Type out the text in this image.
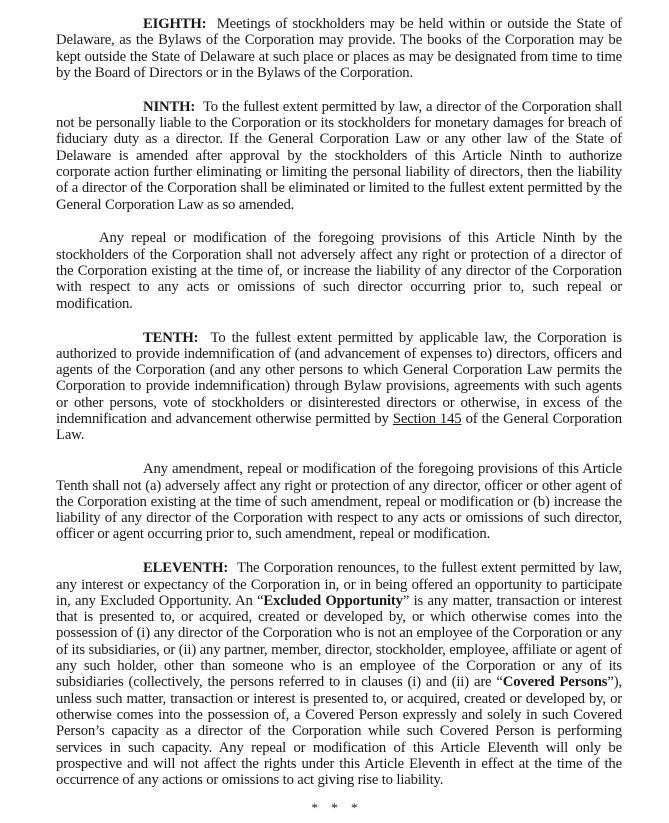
EIGHTH: Meetings of stockholders may be held within or outside the State of Delaware, as the Bylaws of the Corporation may provide. The books of the Corporation may be kept outside the State of Delaware at such place or places as may be designated from time to time by the Board of Directors or in the Bylaws of the Corporation.

NINTH: To the fullest extent permitted by law, a director of the Corporation shall not be personally liable to the Corporation or its stockholders for monetary damages for breach of fiduciary duty as a director. If the General Corporation Law or any other law of the State of Delaware is amended after approval by the stockholders of this Article Ninth to authorize corporate action further eliminating or limiting the personal liability of directors, then the liability of a director of the Corporation shall be eliminated or limited to the fullest extent permitted by the General Corporation Law as so amended.

Any repeal or modification of the foregoing provisions of this Article Ninth by the stockholders of the Corporation shall not adversely affect any right or protection of a director of the Corporation existing at the time of, or increase the liability of any director of the Corporation with respect to any acts or omissions of such director occurring prior to, such repeal or modification.

TENTH: To the fullest extent permitted by applicable law, the Corporation is authorized to provide indemnification of (and advancement of expenses to) directors, officers and agents of the Corporation (and any other persons to which General Corporation Law permits the Corporation to provide indemnification) through Bylaw provisions, agreements with such agents or other persons, vote of stockholders or disinterested directors or otherwise, in excess of the indemnification and advancement otherwise permitted by Section 145 of the General Corporation Law.

Any amendment, repeal or modification of the foregoing provisions of this Article Tenth shall not (a) adversely affect any right or protection of any director, officer or other agent of the Corporation existing at the time of such amendment, repeal or modification or (b) increase the liability of any director of the Corporation with respect to any acts or omissions of such director, officer or agent occurring prior to, such amendment, repeal or modification.

ELEVENTH: The Corporation renounces, to the fullest extent permitted by law, any interest or expectancy of the Corporation in, or in being offered an opportunity to participate in, any Excluded Opportunity. An “Excluded Opportunity” is any matter, transaction or interest that is presented to, or acquired, created or developed by, or which otherwise comes into the possession of (i) any director of the Corporation who is not an employee of the Corporation or any of its subsidiaries, or (ii) any partner, member, director, stockholder, employee, affiliate or agent of any such holder, other than someone who is an employee of the Corporation or any of its subsidiaries (collectively, the persons referred to in clauses (i) and (ii) are “Covered Persons”), unless such matter, transaction or interest is presented to, or acquired, created or developed by, or otherwise comes into the possession of, a Covered Person expressly and solely in such Covered Person’s capacity as a director of the Corporation while such Covered Person is performing services in such capacity. Any repeal or modification of this Article Eleventh will only be prospective and will not affect the rights under this Article Eleventh in effect at the time of the occurrence of any actions or omissions to act giving rise to liability.

* * *
